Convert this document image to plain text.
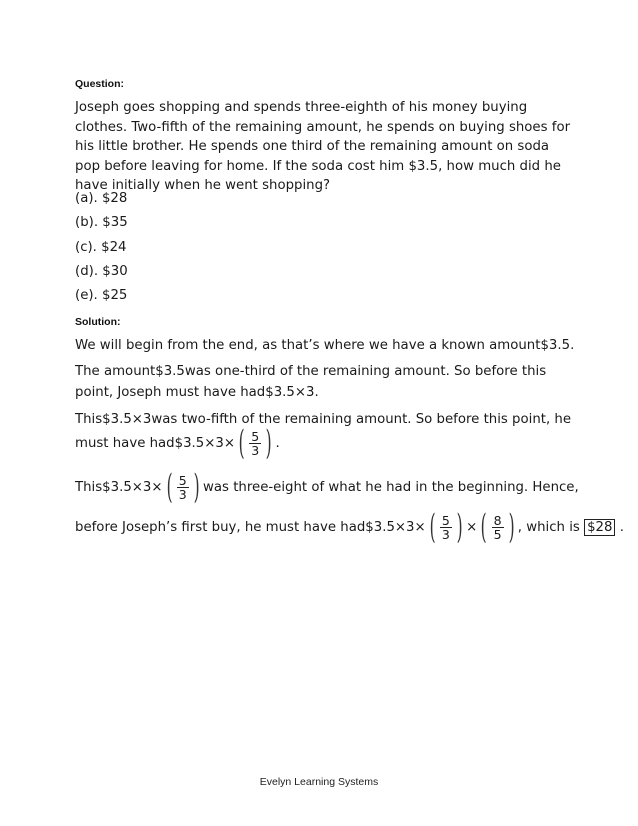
Question:
Joseph goes shopping and spends three-eighth of his money buying clothes. Two-fifth of the remaining amount, he spends on buying shoes for his little brother. He spends one third of the remaining amount on soda pop before leaving for home. If the soda cost him $3.5, how much did he have initially when he went shopping?
(a). $28
(b). $35
(c). $24
(d). $30
(e). $25
Solution:
We will begin from the end, as that’s where we have a known amount$3.5.
The amount$3.5was one-third of the remaining amount. So before this
point, Joseph must have had$3.5×3.
This$3.5×3was two-fifth of the remaining amount. So before this point, he
must have had$3.5×3× ( $\frac{5}{3}$ ) .
This$3.5×3× ( $\frac{5}{3}$ ) was three-eight of what he had in the beginning. Hence,
before Joseph’s first buy, he must have had$3.5×3× ( $\frac{5}{3}$ ) × ( $\frac{8}{5}$ ) , which is $28 .
Evelyn Learning Systems
